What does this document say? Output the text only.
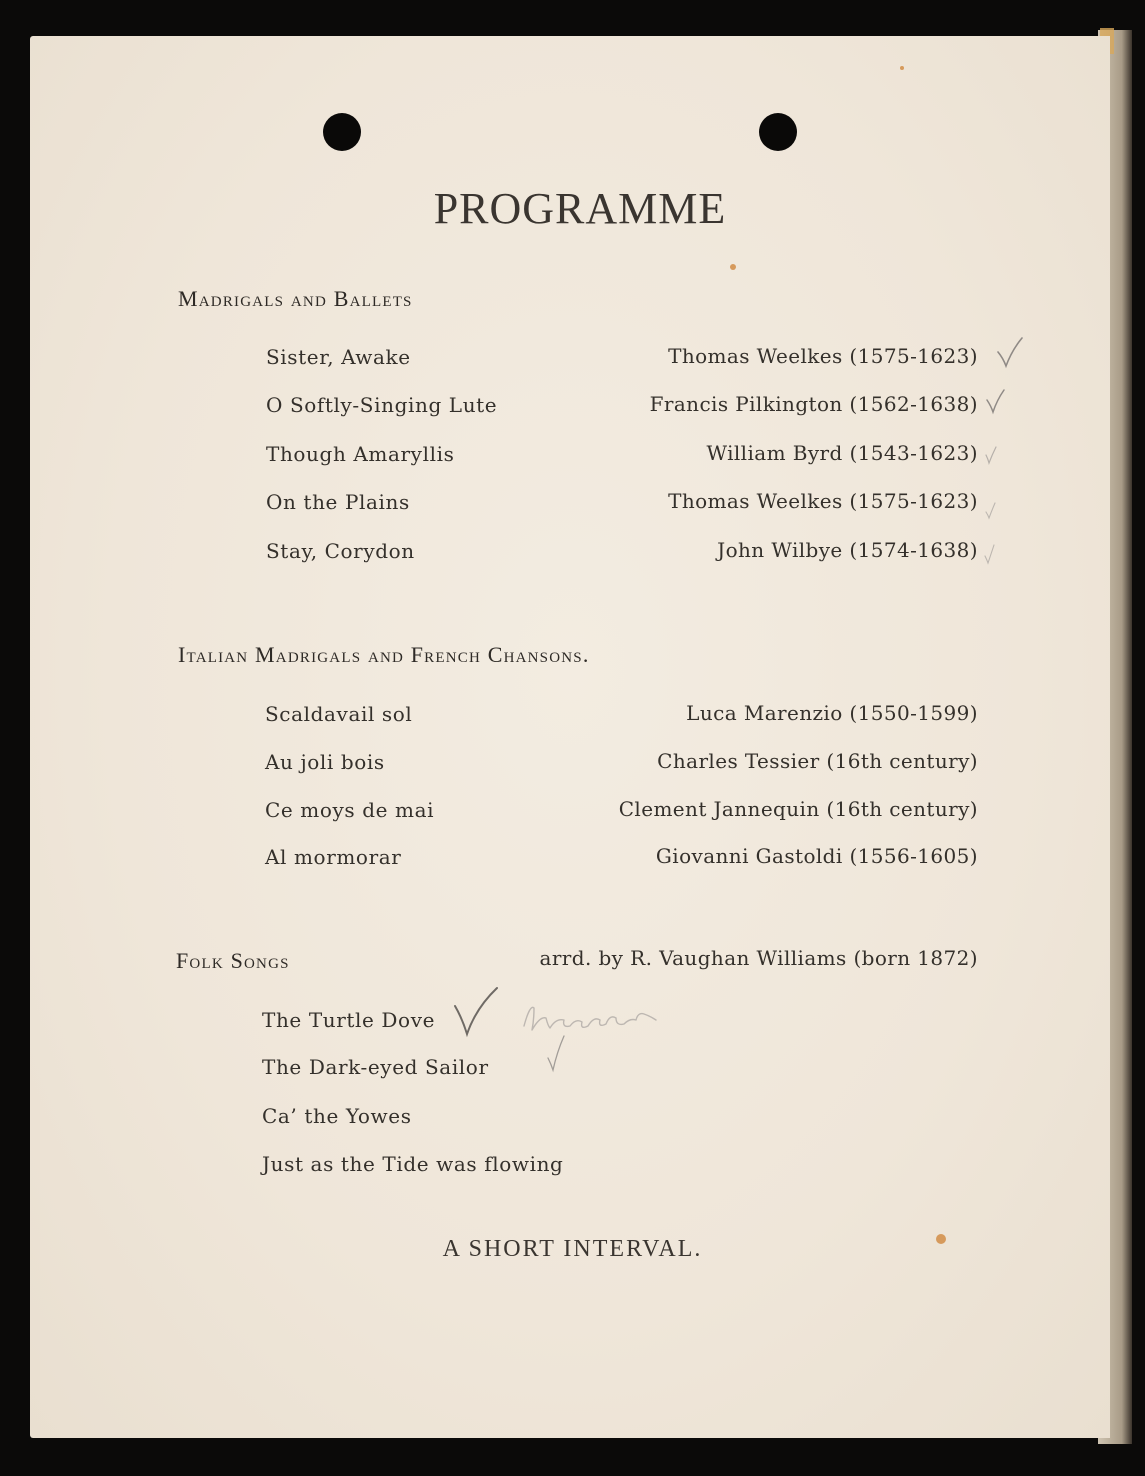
PROGRAMME
Madrigals and Ballets
Sister, Awake	Thomas Weelkes (1575-1623)
O Softly-Singing Lute	Francis Pilkington (1562-1638)
Though Amaryllis	William Byrd (1543-1623)
On the Plains	Thomas Weelkes (1575-1623)
Stay, Corydon	John Wilbye (1574-1638)
Italian Madrigals and French Chansons.
Scaldavail sol	Luca Marenzio (1550-1599)
Au joli bois	Charles Tessier (16th century)
Ce moys de mai	Clement Jannequin (16th century)
Al mormorar	Giovanni Gastoldi (1556-1605)
Folk Songs	arrd. by R. Vaughan Williams (born 1872)
The Turtle Dove
The Dark-eyed Sailor
Ca’ the Yowes
Just as the Tide was flowing
A SHORT INTERVAL.
